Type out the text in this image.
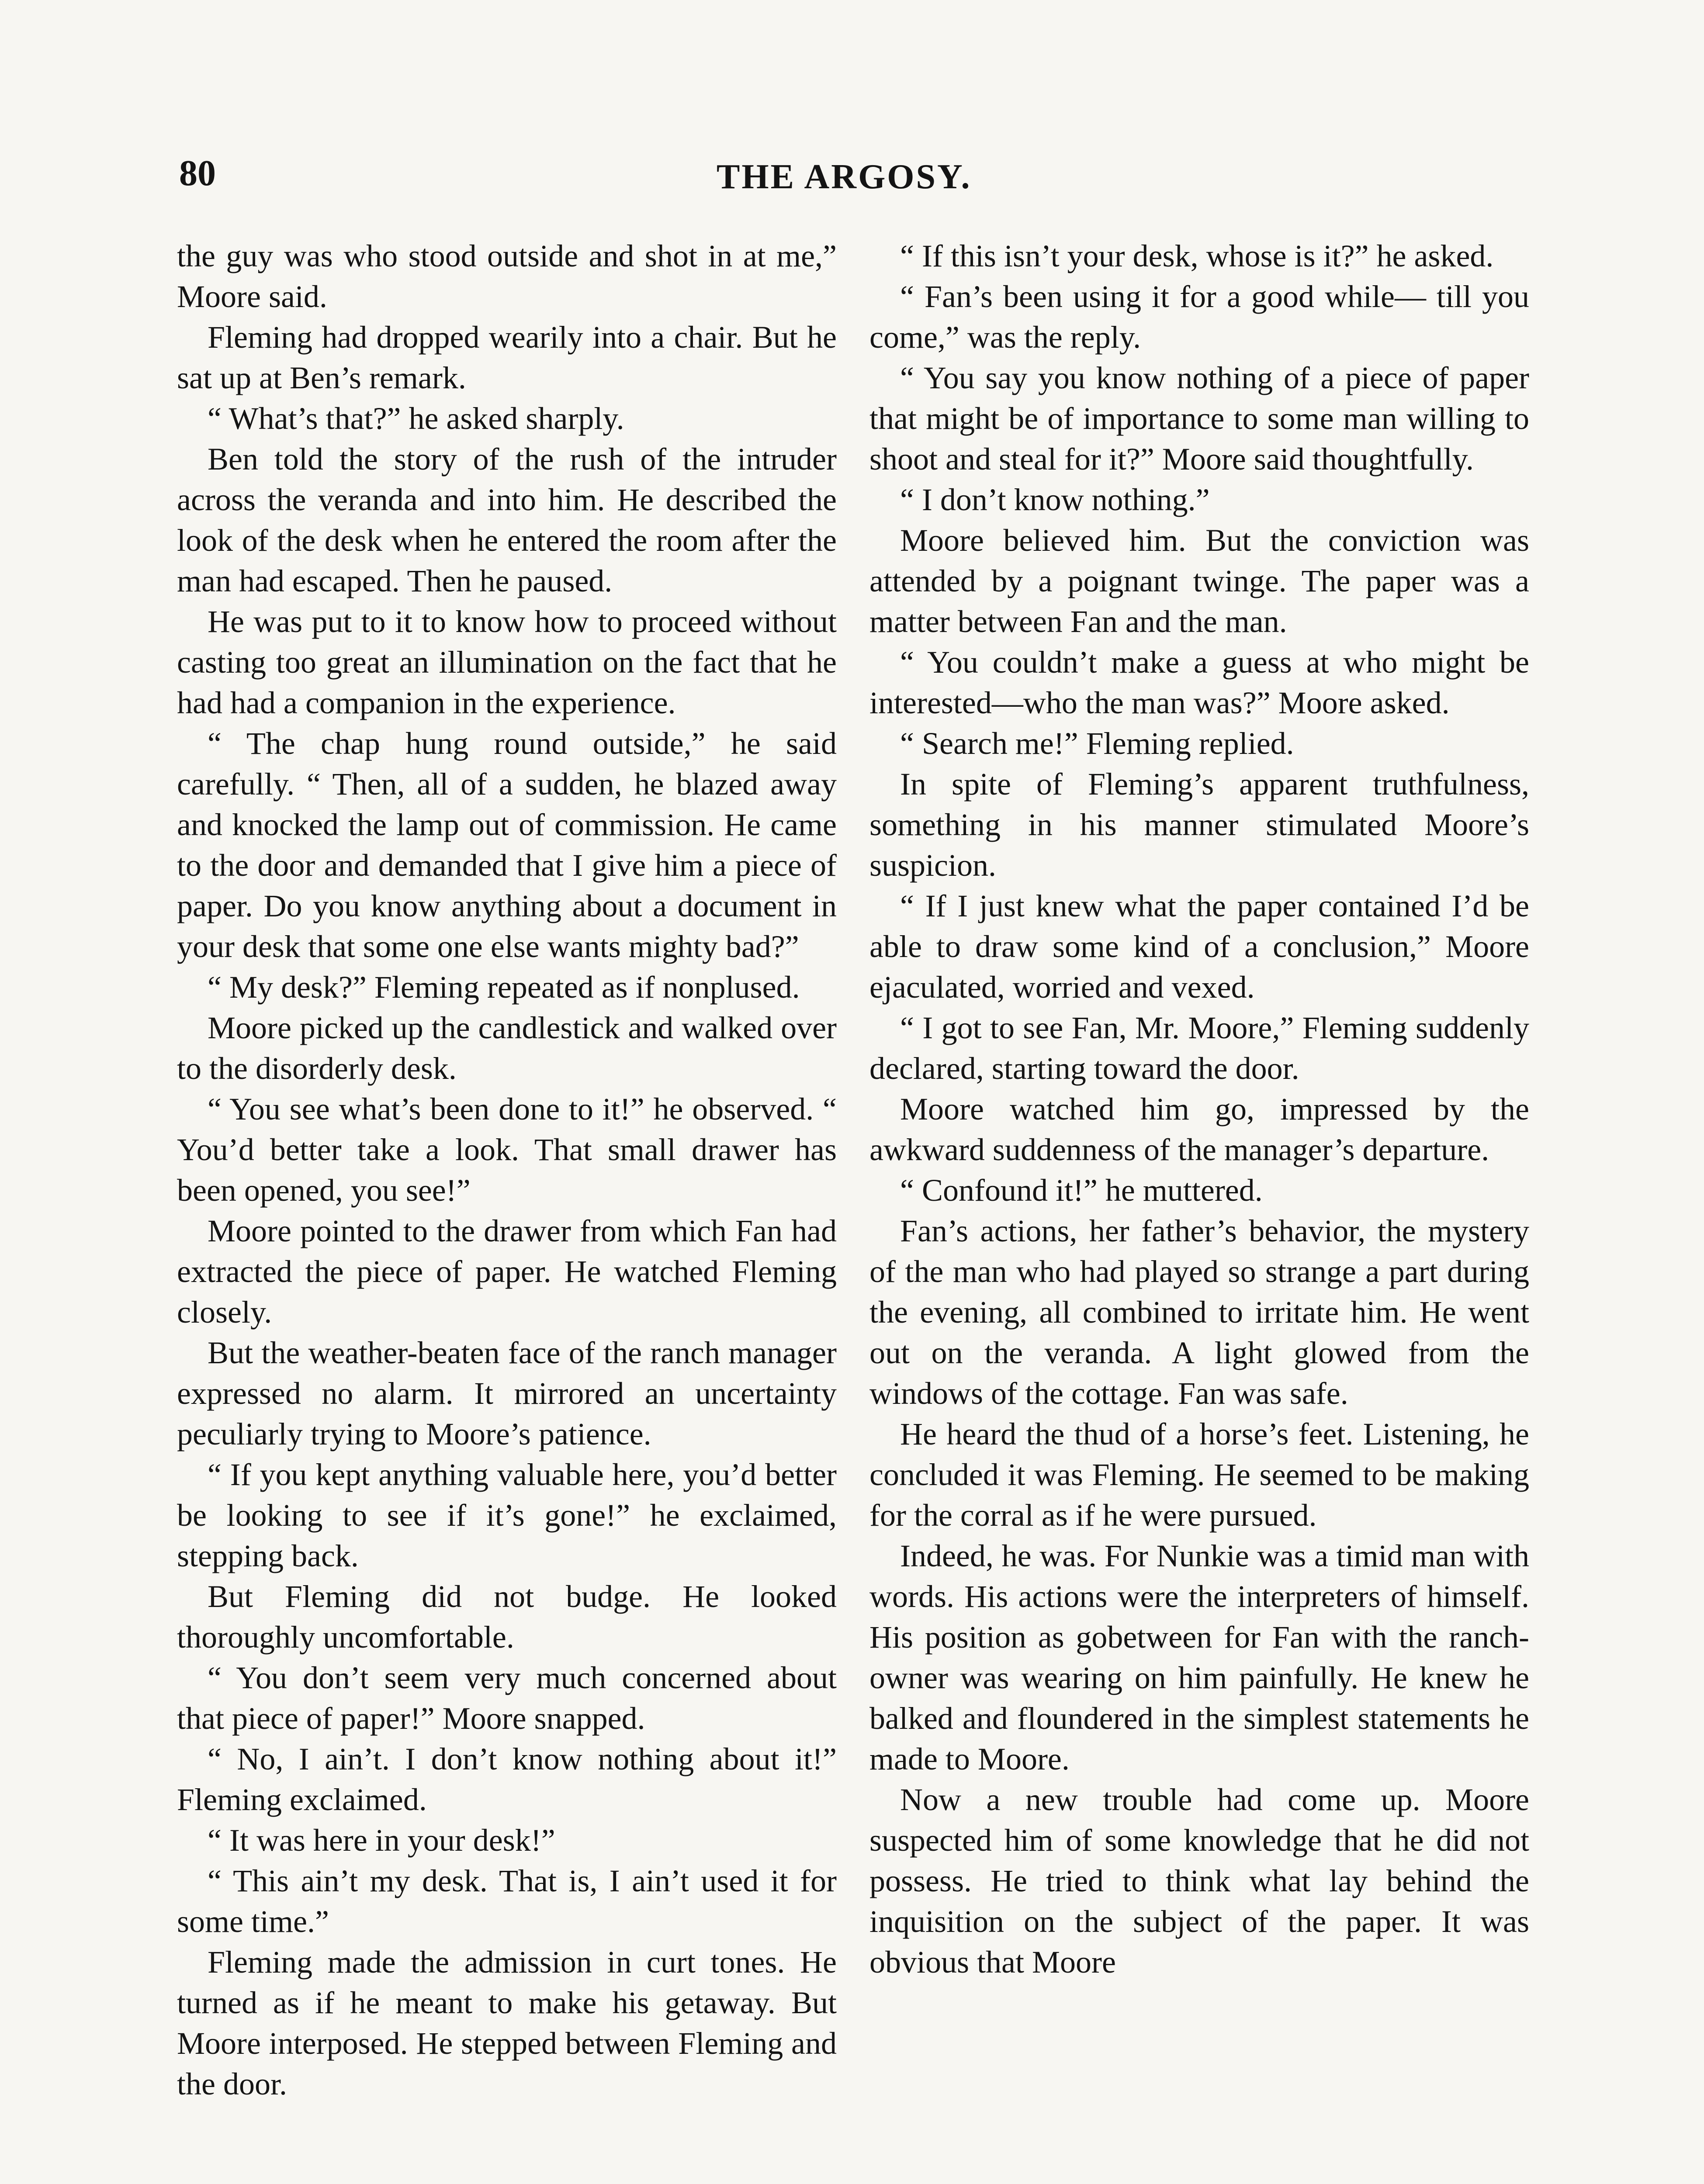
80	THE ARGOSY.

the guy was who stood outside and shot in at me,” Moore said.

Fleming had dropped wearily into a chair. But he sat up at Ben’s remark.

“ What’s that?” he asked sharply.

Ben told the story of the rush of the intruder across the veranda and into him. He described the look of the desk when he entered the room after the man had escaped. Then he paused.

He was put to it to know how to proceed without casting too great an illumination on the fact that he had had a companion in the experience.

“ The chap hung round outside,” he said carefully. “ Then, all of a sudden, he blazed away and knocked the lamp out of commission. He came to the door and demanded that I give him a piece of paper. Do you know anything about a document in your desk that some one else wants mighty bad?”

“ My desk?” Fleming repeated as if nonplused.

Moore picked up the candlestick and walked over to the disorderly desk.

“ You see what’s been done to it!” he observed. “ You’d better take a look. That small drawer has been opened, you see!”

Moore pointed to the drawer from which Fan had extracted the piece of paper. He watched Fleming closely.

But the weather-beaten face of the ranch manager expressed no alarm. It mirrored an uncertainty peculiarly trying to Moore’s patience.

“ If you kept anything valuable here, you’d better be looking to see if it’s gone!” he exclaimed, stepping back.

But Fleming did not budge. He looked thoroughly uncomfortable.

“ You don’t seem very much concerned about that piece of paper!” Moore snapped.

“ No, I ain’t. I don’t know nothing about it!” Fleming exclaimed.

“ It was here in your desk!”

“ This ain’t my desk. That is, I ain’t used it for some time.”

Fleming made the admission in curt tones. He turned as if he meant to make his getaway. But Moore interposed. He stepped between Fleming and the door.

“ If this isn’t your desk, whose is it?” he asked.

“ Fan’s been using it for a good while— till you come,” was the reply.

“ You say you know nothing of a piece of paper that might be of importance to some man willing to shoot and steal for it?” Moore said thoughtfully.

“ I don’t know nothing.”

Moore believed him. But the conviction was attended by a poignant twinge. The paper was a matter between Fan and the man.

“ You couldn’t make a guess at who might be interested—who the man was?” Moore asked.

“ Search me!” Fleming replied.

In spite of Fleming’s apparent truthfulness, something in his manner stimulated Moore’s suspicion.

“ If I just knew what the paper contained I’d be able to draw some kind of a conclusion,” Moore ejaculated, worried and vexed.

“ I got to see Fan, Mr. Moore,” Fleming suddenly declared, starting toward the door.

Moore watched him go, impressed by the awkward suddenness of the manager’s departure.

“ Confound it!” he muttered.

Fan’s actions, her father’s behavior, the mystery of the man who had played so strange a part during the evening, all combined to irritate him. He went out on the veranda. A light glowed from the windows of the cottage. Fan was safe.

He heard the thud of a horse’s feet. Listening, he concluded it was Fleming. He seemed to be making for the corral as if he were pursued.

Indeed, he was. For Nunkie was a timid man with words. His actions were the interpreters of himself. His position as gobetween for Fan with the ranch-owner was wearing on him painfully. He knew he balked and floundered in the simplest statements he made to Moore.

Now a new trouble had come up. Moore suspected him of some knowledge that he did not possess. He tried to think what lay behind the inquisition on the subject of the paper. It was obvious that Moore
